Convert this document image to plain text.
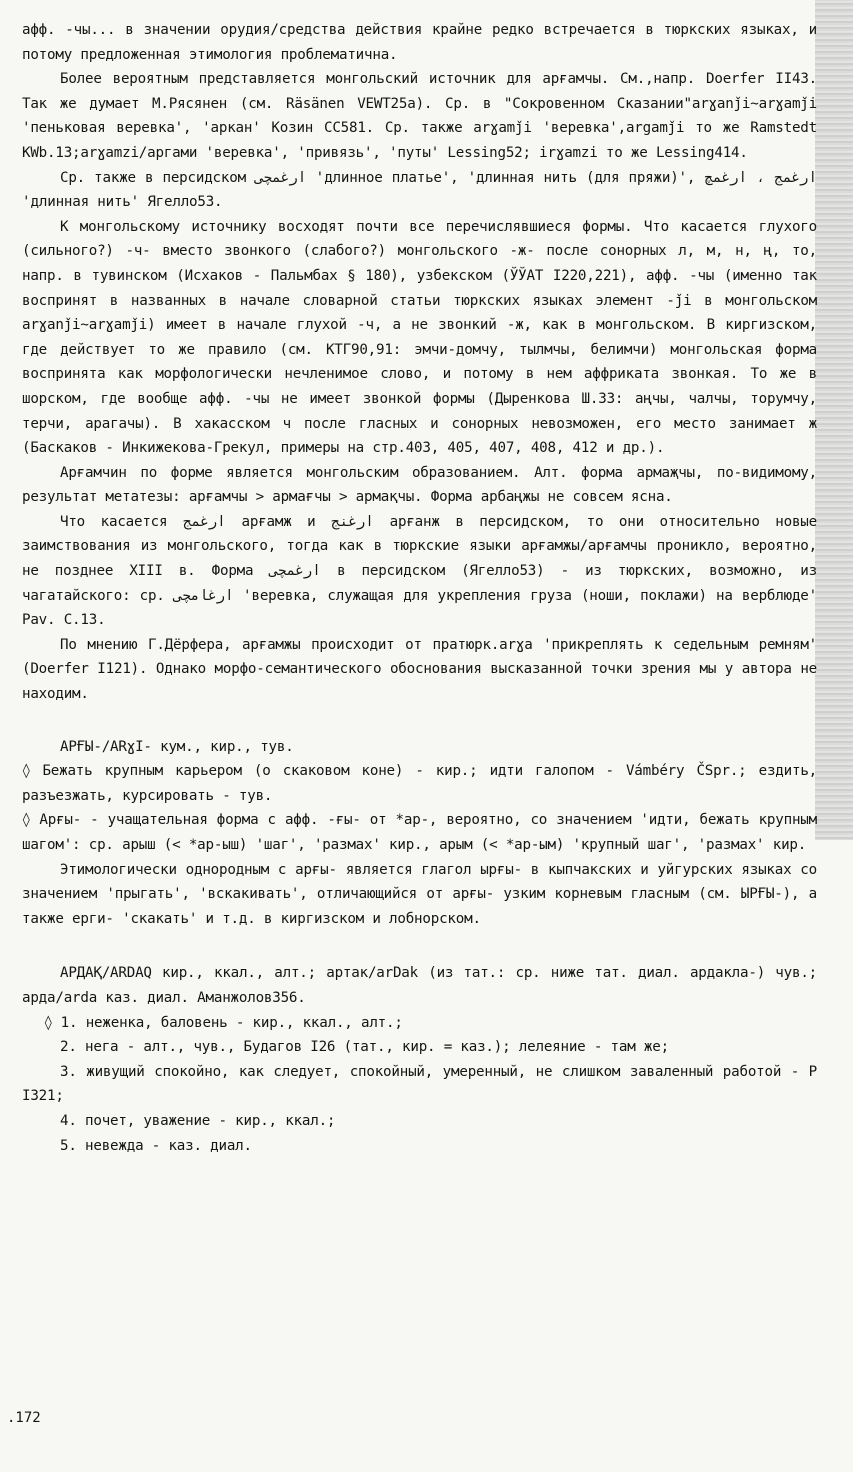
афф. -чы... в значении орудия/средства действия крайне редко встречается в тюркских языках, и потому предложенная этимология проблематична.

Более вероятным представляется монгольский источник для арғамчы. См.,напр. Doerfer II43. Так же думает М.Рясянен (см. Räsänen VEWT25a). Ср. в "Сокровенном Сказании"arɣanǰi~arɣamǰi 'пеньковая веревка', 'аркан' Козин СС581. Ср. также arɣamǰi 'веревка',argamǰi то же Ramstedt KWb.13;arɣamzi/аргами 'веревка', 'привязь', 'путы' Lessing52; irɣamzi то же Lessing414.

Ср. также в персидском ارغمچی 'длинное платье', 'длинная нить (для пряжи)', ارغمج ، ارغمچ 'длинная нить' Ягелло53.

К монгольскому источнику восходят почти все перечислявшиеся формы. Что касается глухого (сильного?) -ч- вместо звонкого (слабого?) монгольского -ж- после сонорных л, м, н, ң, то, напр. в тувинском (Исхаков - Пальмбах § 180), узбекском (ЎЎАТ I220,221), афф. -чы (именно так воспринят в названных в начале словарной статьи тюркских языках элемент -ǰi в монгольском arɣanǰi~arɣamǰi) имеет в начале глухой -ч, а не звонкий -ж, как в монгольском. В киргизском, где действует то же правило (см. КТГ90,91: эмчи-домчу, тылмчы, белимчи) монгольская форма воспринята как морфологически нечленимое слово, и потому в нем аффриката звонкая. То же в шорском, где вообще афф. -чы не имеет звонкой формы (Дыренкова Ш.33: аңчы, чалчы, торумчу, терчи, арагачы). В хакасском ч после гласных и сонорных невозможен, его место занимает ж (Баскаков - Инкижекова-Грекул, примеры на стр.403, 405, 407, 408, 412 и др.).

Арғамчин по форме является монгольским образованием. Алт. форма армаҗчы, по-видимому, результат метатезы: арғамчы > армағчы > армақчы. Форма арбаңжы не совсем ясна.

Что касается ارغمج арғамж и ارغنج арғанж в персидском, то они относительно новые заимствования из монгольского, тогда как в тюркские языки арғамжы/арғамчы проникло, вероятно, не позднее XIII в. Форма ارغمچی в персидском (Ягелло53) - из тюркских, возможно, из чагатайского: ср. ارغامچی 'веревка, служащая для укрепления груза (ноши, поклажи) на верблюде' Pav. C.13.

По мнению Г.Дёрфера, арғамжы происходит от пратюрк.arɣa 'прикреплять к седельным ремням' (Doerfer I121). Однако морфо-семантического обоснования высказанной точки зрения мы у автора не находим.

АРҒЫ-/ARɣI- кум., кир., тув.

◊ Бежать крупным карьером (о скаковом коне) - кир.; идти галопом - Vámbéry ČSpr.; ездить, разъезжать, курсировать - тув.

◊ Арғы- - учащательная форма с афф. -ғы- от *ар-, вероятно, со значением 'идти, бежать крупным шагом': ср. арыш (< *ар-ыш) 'шаг', 'размах' кир., арым (< *ар-ым) 'крупный шаг', 'размах' кир.

Этимологически однородным с арғы- является глагол ырғы- в кыпчакских и уйгурских языках со значением 'прыгать', 'вскакивать', отличающийся от арғы- узким корневым гласным (см. ЫРҒЫ-), а также ерги- 'скакать' и т.д. в киргизском и лобнорском.

АРДАҚ/ARDAQ кир., ккал., алт.; артак/arDak (из тат.: ср. ниже тат. диал. ардакла-) чув.; арда/arda каз. диал. Аманжолов356.

◊ 1. неженка, баловень - кир., ккал., алт.;

2. нега - алт., чув., Будагов I26 (тат., кир. = каз.); лелеяние - там же;

3. живущий спокойно, как следует, спокойный, умеренный, не слишком заваленный работой - Р I321;

4. почет, уважение - кир., ккал.;

5. невежда - каз. диал.

.172
